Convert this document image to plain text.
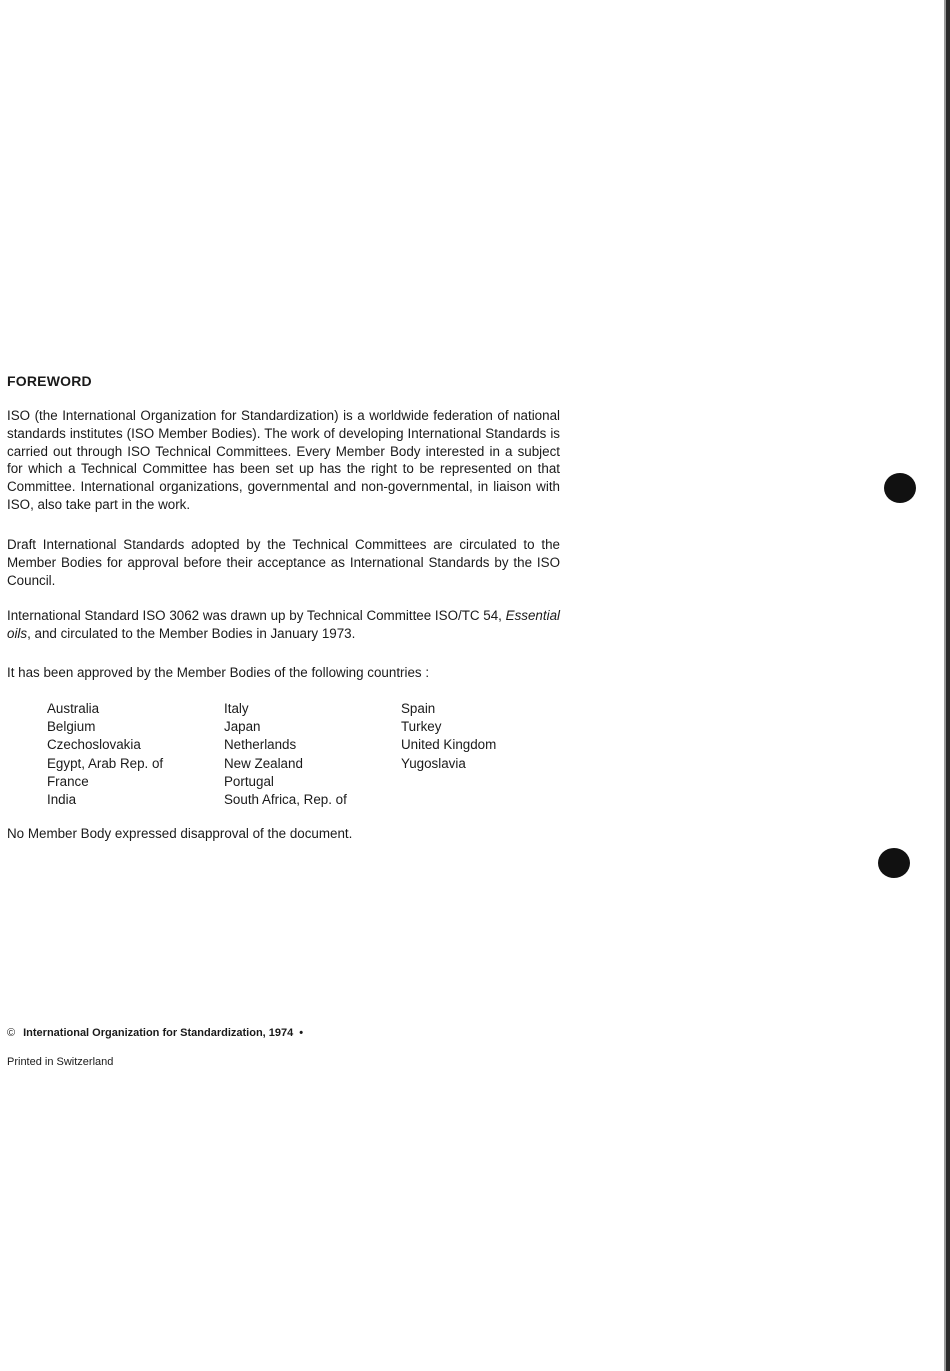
FOREWORD

ISO (the International Organization for Standardization) is a worldwide federation of national standards institutes (ISO Member Bodies). The work of developing International Standards is carried out through ISO Technical Committees. Every Member Body interested in a subject for which a Technical Committee has been set up has the right to be represented on that Committee. International organizations, governmental and non-governmental, in liaison with ISO, also take part in the work.

Draft International Standards adopted by the Technical Committees are circulated to the Member Bodies for approval before their acceptance as International Standards by the ISO Council.

International Standard ISO 3062 was drawn up by Technical Committee ISO/TC 54, Essential oils, and circulated to the Member Bodies in January 1973.

It has been approved by the Member Bodies of the following countries :

Australia
Belgium
Czechoslovakia
Egypt, Arab Rep. of
France
India
Italy
Japan
Netherlands
New Zealand
Portugal
South Africa, Rep. of
Spain
Turkey
United Kingdom
Yugoslavia

No Member Body expressed disapproval of the document.

© International Organization for Standardization, 1974 •
Printed in Switzerland
